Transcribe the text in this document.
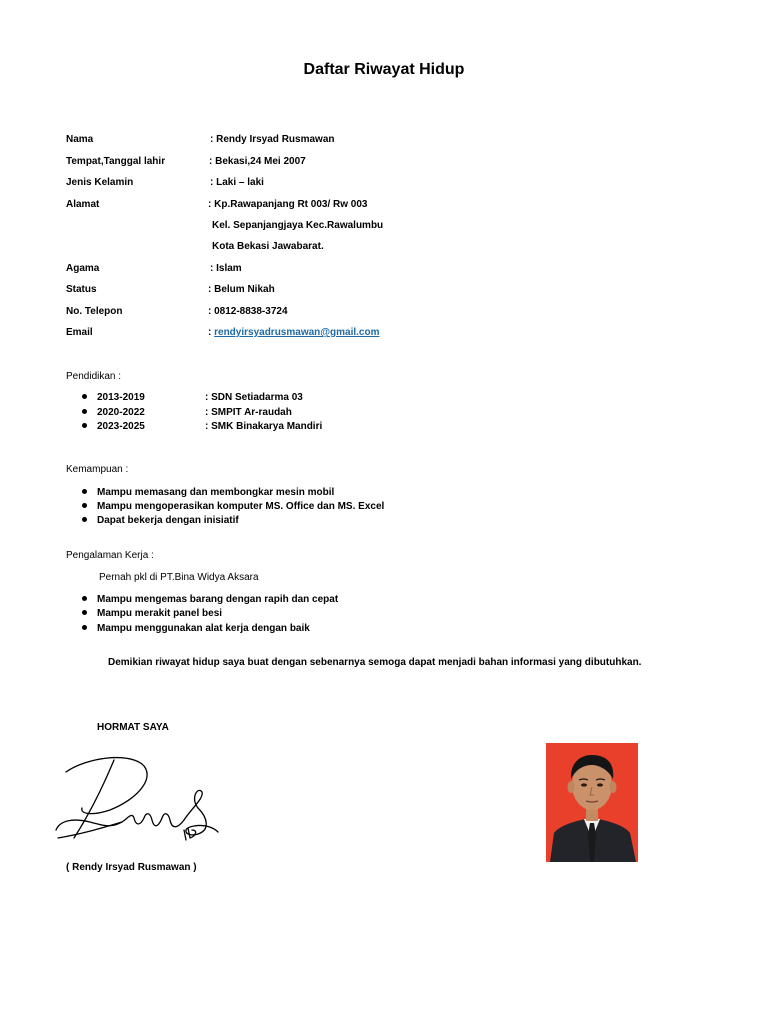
Daftar Riwayat Hidup
Nama	: Rendy Irsyad Rusmawan
Tempat,Tanggal lahir	: Bekasi,24 Mei 2007
Jenis Kelamin	: Laki – laki
Alamat	: Kp.Rawapanjang Rt 003/ Rw 003
Kel. Sepanjangjaya Kec.Rawalumbu
Kota Bekasi Jawabarat.
Agama	: Islam
Status	: Belum Nikah
No. Telepon	: 0812-8838-3724
Email	: rendyirsyadrusmawan@gmail.com
Pendidikan :
2013-2019	: SDN Setiadarma 03
2020-2022	: SMPIT Ar-raudah
2023-2025	: SMK Binakarya Mandiri
Kemampuan :
Mampu memasang dan membongkar mesin mobil
Mampu mengoperasikan komputer MS. Office dan MS. Excel
Dapat bekerja dengan inisiatif
Pengalaman Kerja :
Pernah pkl di PT.Bina Widya Aksara
Mampu mengemas barang dengan rapih dan cepat
Mampu merakit panel besi
Mampu menggunakan alat kerja dengan baik
Demikian riwayat hidup saya buat dengan sebenarnya semoga dapat menjadi bahan informasi yang dibutuhkan.
HORMAT SAYA
( Rendy Irsyad Rusmawan )
